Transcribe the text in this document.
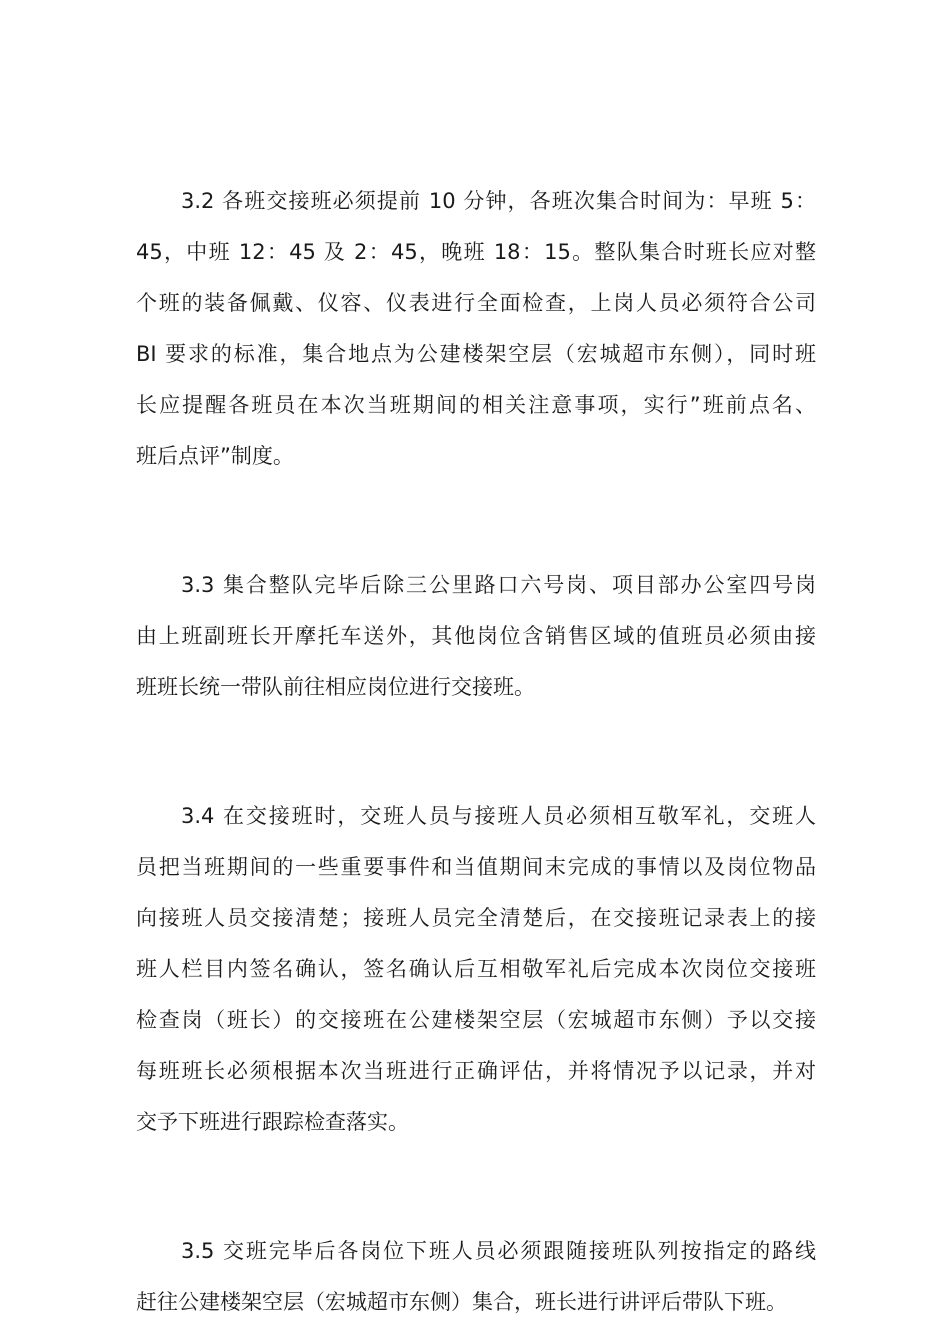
3.2 各班交接班必须提前 10 分钟，各班次集合时间为：早班 5：
45，中班 12：45 及 2：45，晚班 18：15。整队集合时班长应对整
个班的装备佩戴、仪容、仪表进行全面检查，上岗人员必须符合公司
BI 要求的标准，集合地点为公建楼架空层（宏城超市东侧），同时班
长应提醒各班员在本次当班期间的相关注意事项，实行”班前点名、
班后点评”制度。
3.3 集合整队完毕后除三公里路口六号岗、项目部办公室四号岗
由上班副班长开摩托车送外，其他岗位含销售区域的值班员必须由接
班班长统一带队前往相应岗位进行交接班。
3.4 在交接班时，交班人员与接班人员必须相互敬军礼，交班人
员把当班期间的一些重要事件和当值期间末完成的事情以及岗位物品
向接班人员交接清楚；接班人员完全清楚后，在交接班记录表上的接
班人栏目内签名确认，签名确认后互相敬军礼后完成本次岗位交接班
检查岗（班长）的交接班在公建楼架空层（宏城超市东侧）予以交接
每班班长必须根据本次当班进行正确评估，并将情况予以记录，并对
交予下班进行跟踪检查落实。
3.5 交班完毕后各岗位下班人员必须跟随接班队列按指定的路线
赶往公建楼架空层（宏城超市东侧）集合，班长进行讲评后带队下班。
